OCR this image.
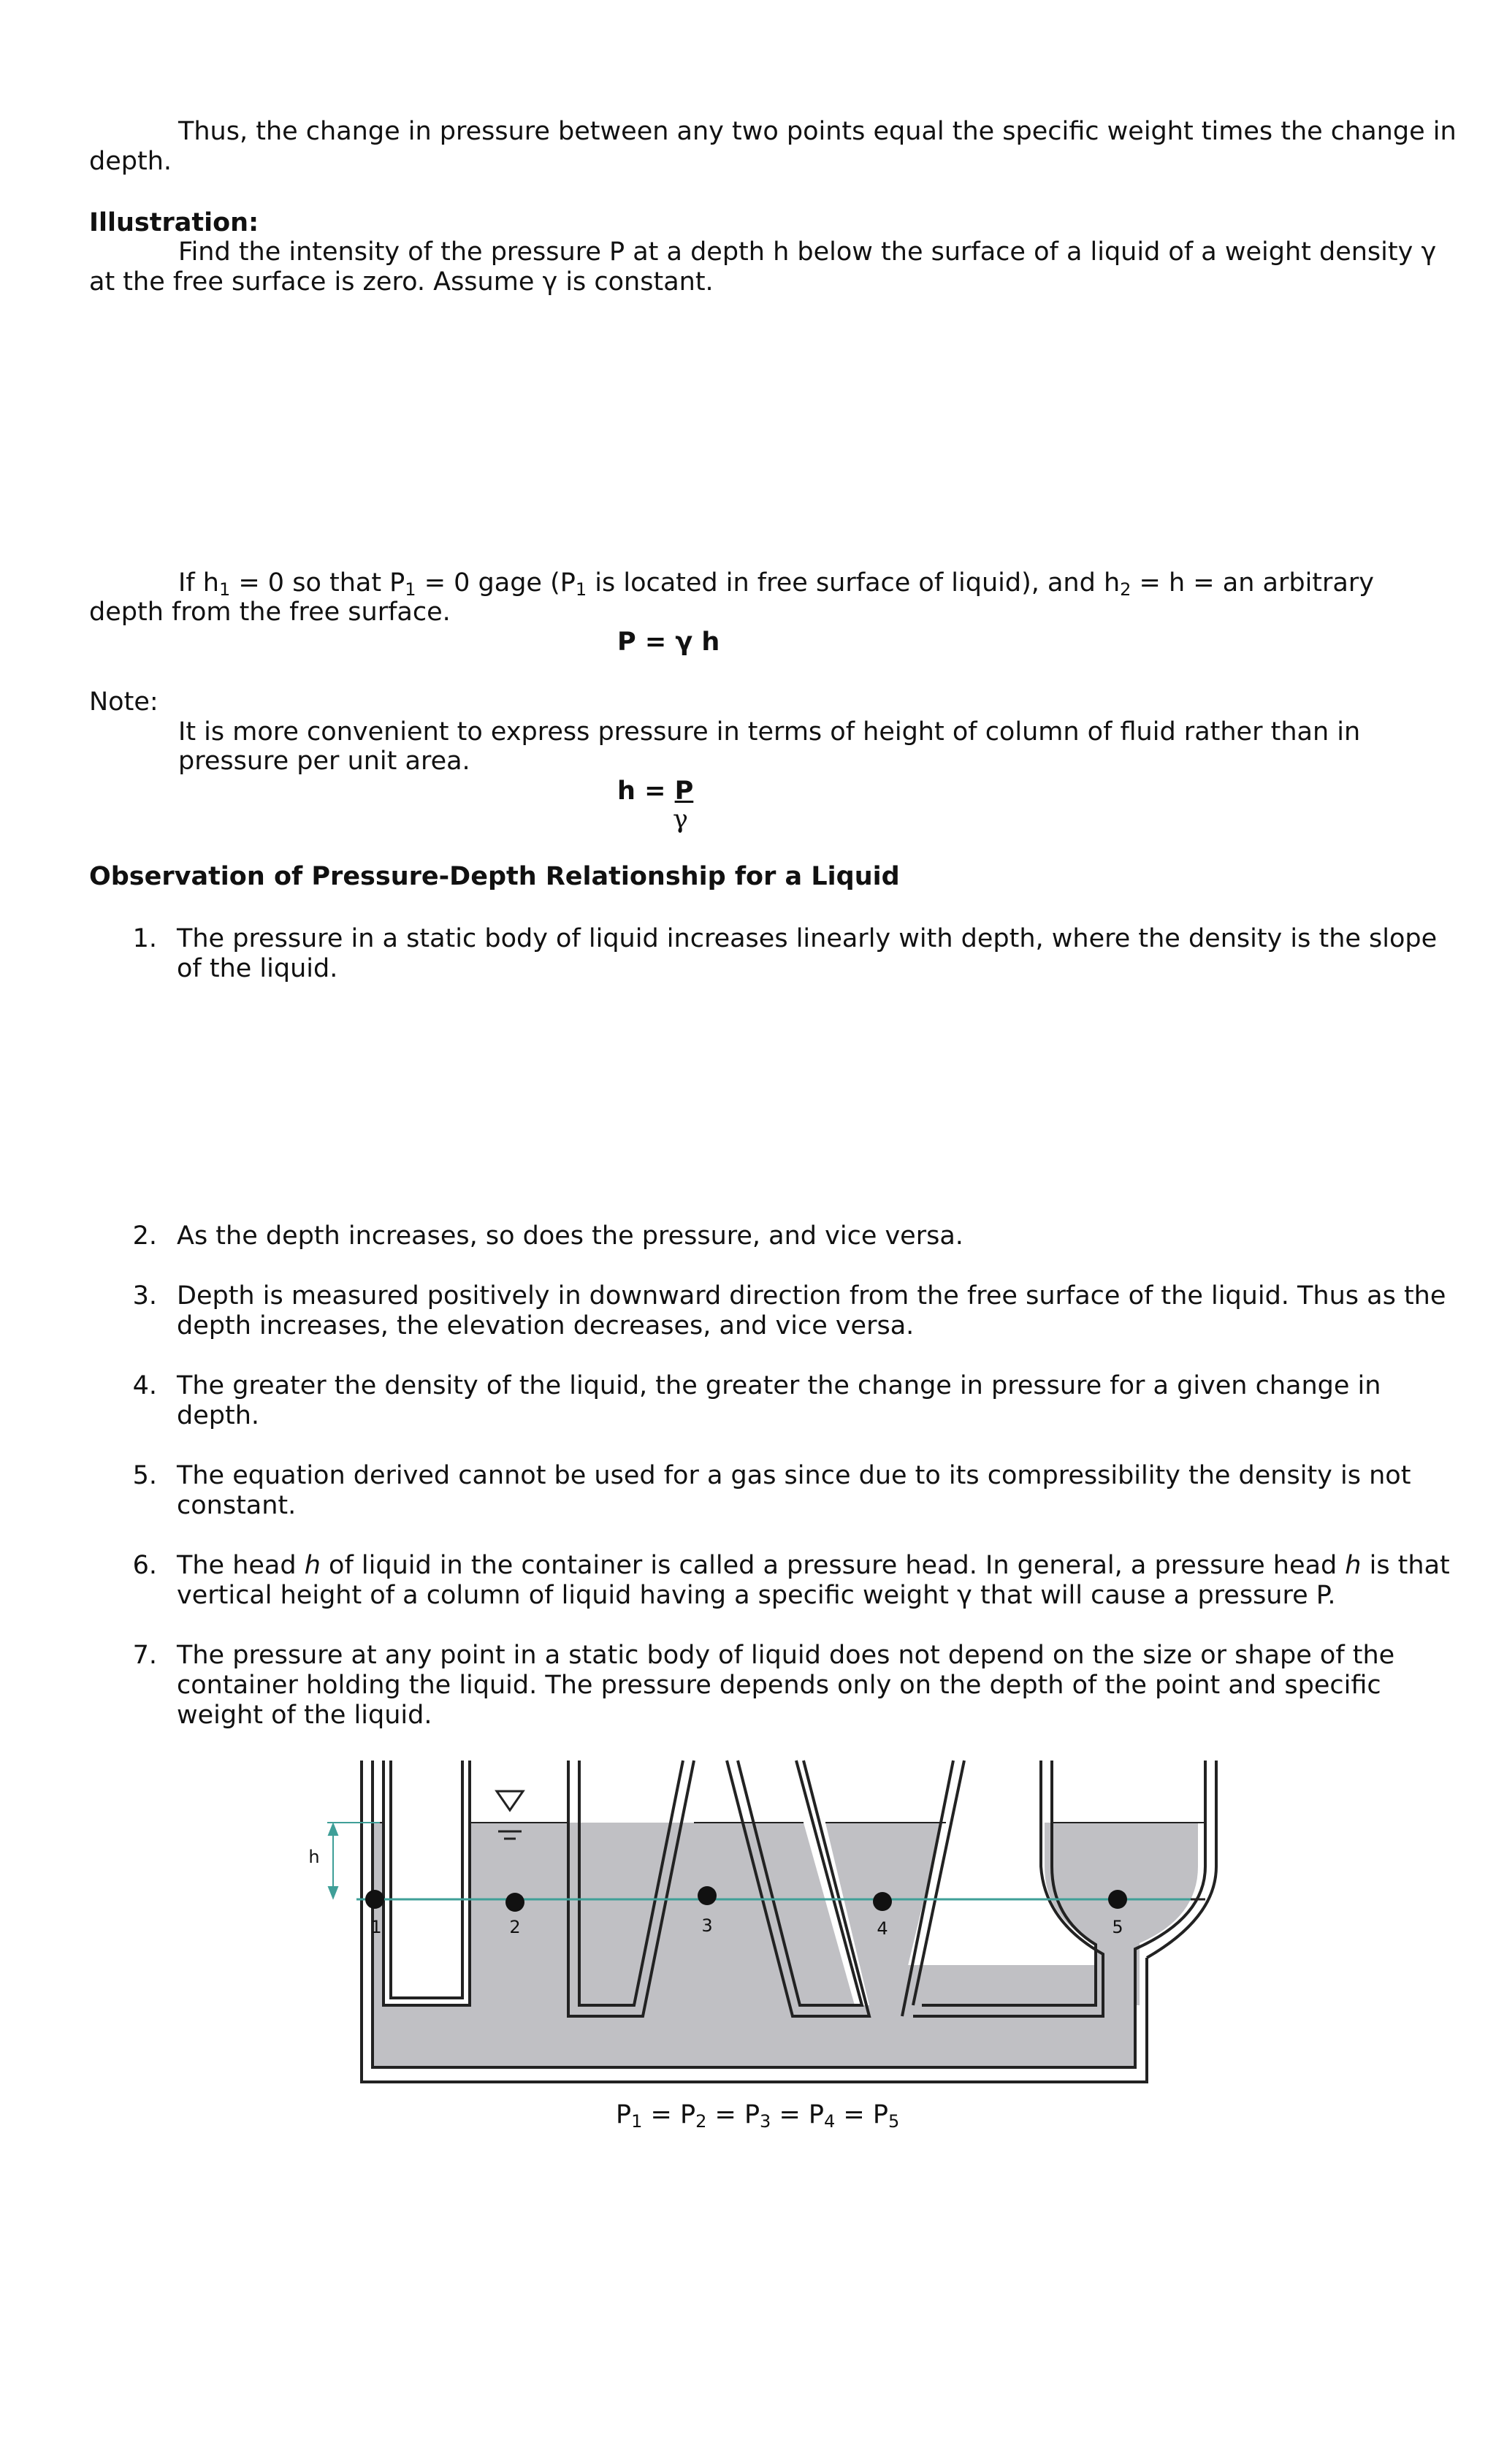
Thus, the change in pressure between any two points equal the specific weight times the change in

depth.

Illustration:

Find the intensity of the pressure P at a depth h below the surface of a liquid of a weight density γ

at the free surface is zero. Assume γ is constant.

If $h_1 = 0$ so that $P_1 = 0$ gage ($P_1$ is located in free surface of liquid), and $h_2 = h$ = an arbitrary

depth from the free surface.

P = γ h

Note:

It is more convenient to express pressure in terms of height of column of fluid rather than in

pressure per unit area.

h = P
γ

Observation of Pressure-Depth Relationship for a Liquid

1. The pressure in a static body of liquid increases linearly with depth, where the density is the slope

of the liquid.

2. As the depth increases, so does the pressure, and vice versa.

3. Depth is measured positively in downward direction from the free surface of the liquid. Thus as the

depth increases, the elevation decreases, and vice versa.

4. The greater the density of the liquid, the greater the change in pressure for a given change in

depth.

5. The equation derived cannot be used for a gas since due to its compressibility the density is not

constant.

6. The head h of liquid in the container is called a pressure head. In general, a pressure head h is that

vertical height of a column of liquid having a specific weight γ that will cause a pressure P.

7. The pressure at any point in a static body of liquid does not depend on the size or shape of the

container holding the liquid. The pressure depends only on the depth of the point and specific

weight of the liquid.

h
1	2	3	4	5

$P_1 = P_2 = P_3 = P_4 = P_5$
